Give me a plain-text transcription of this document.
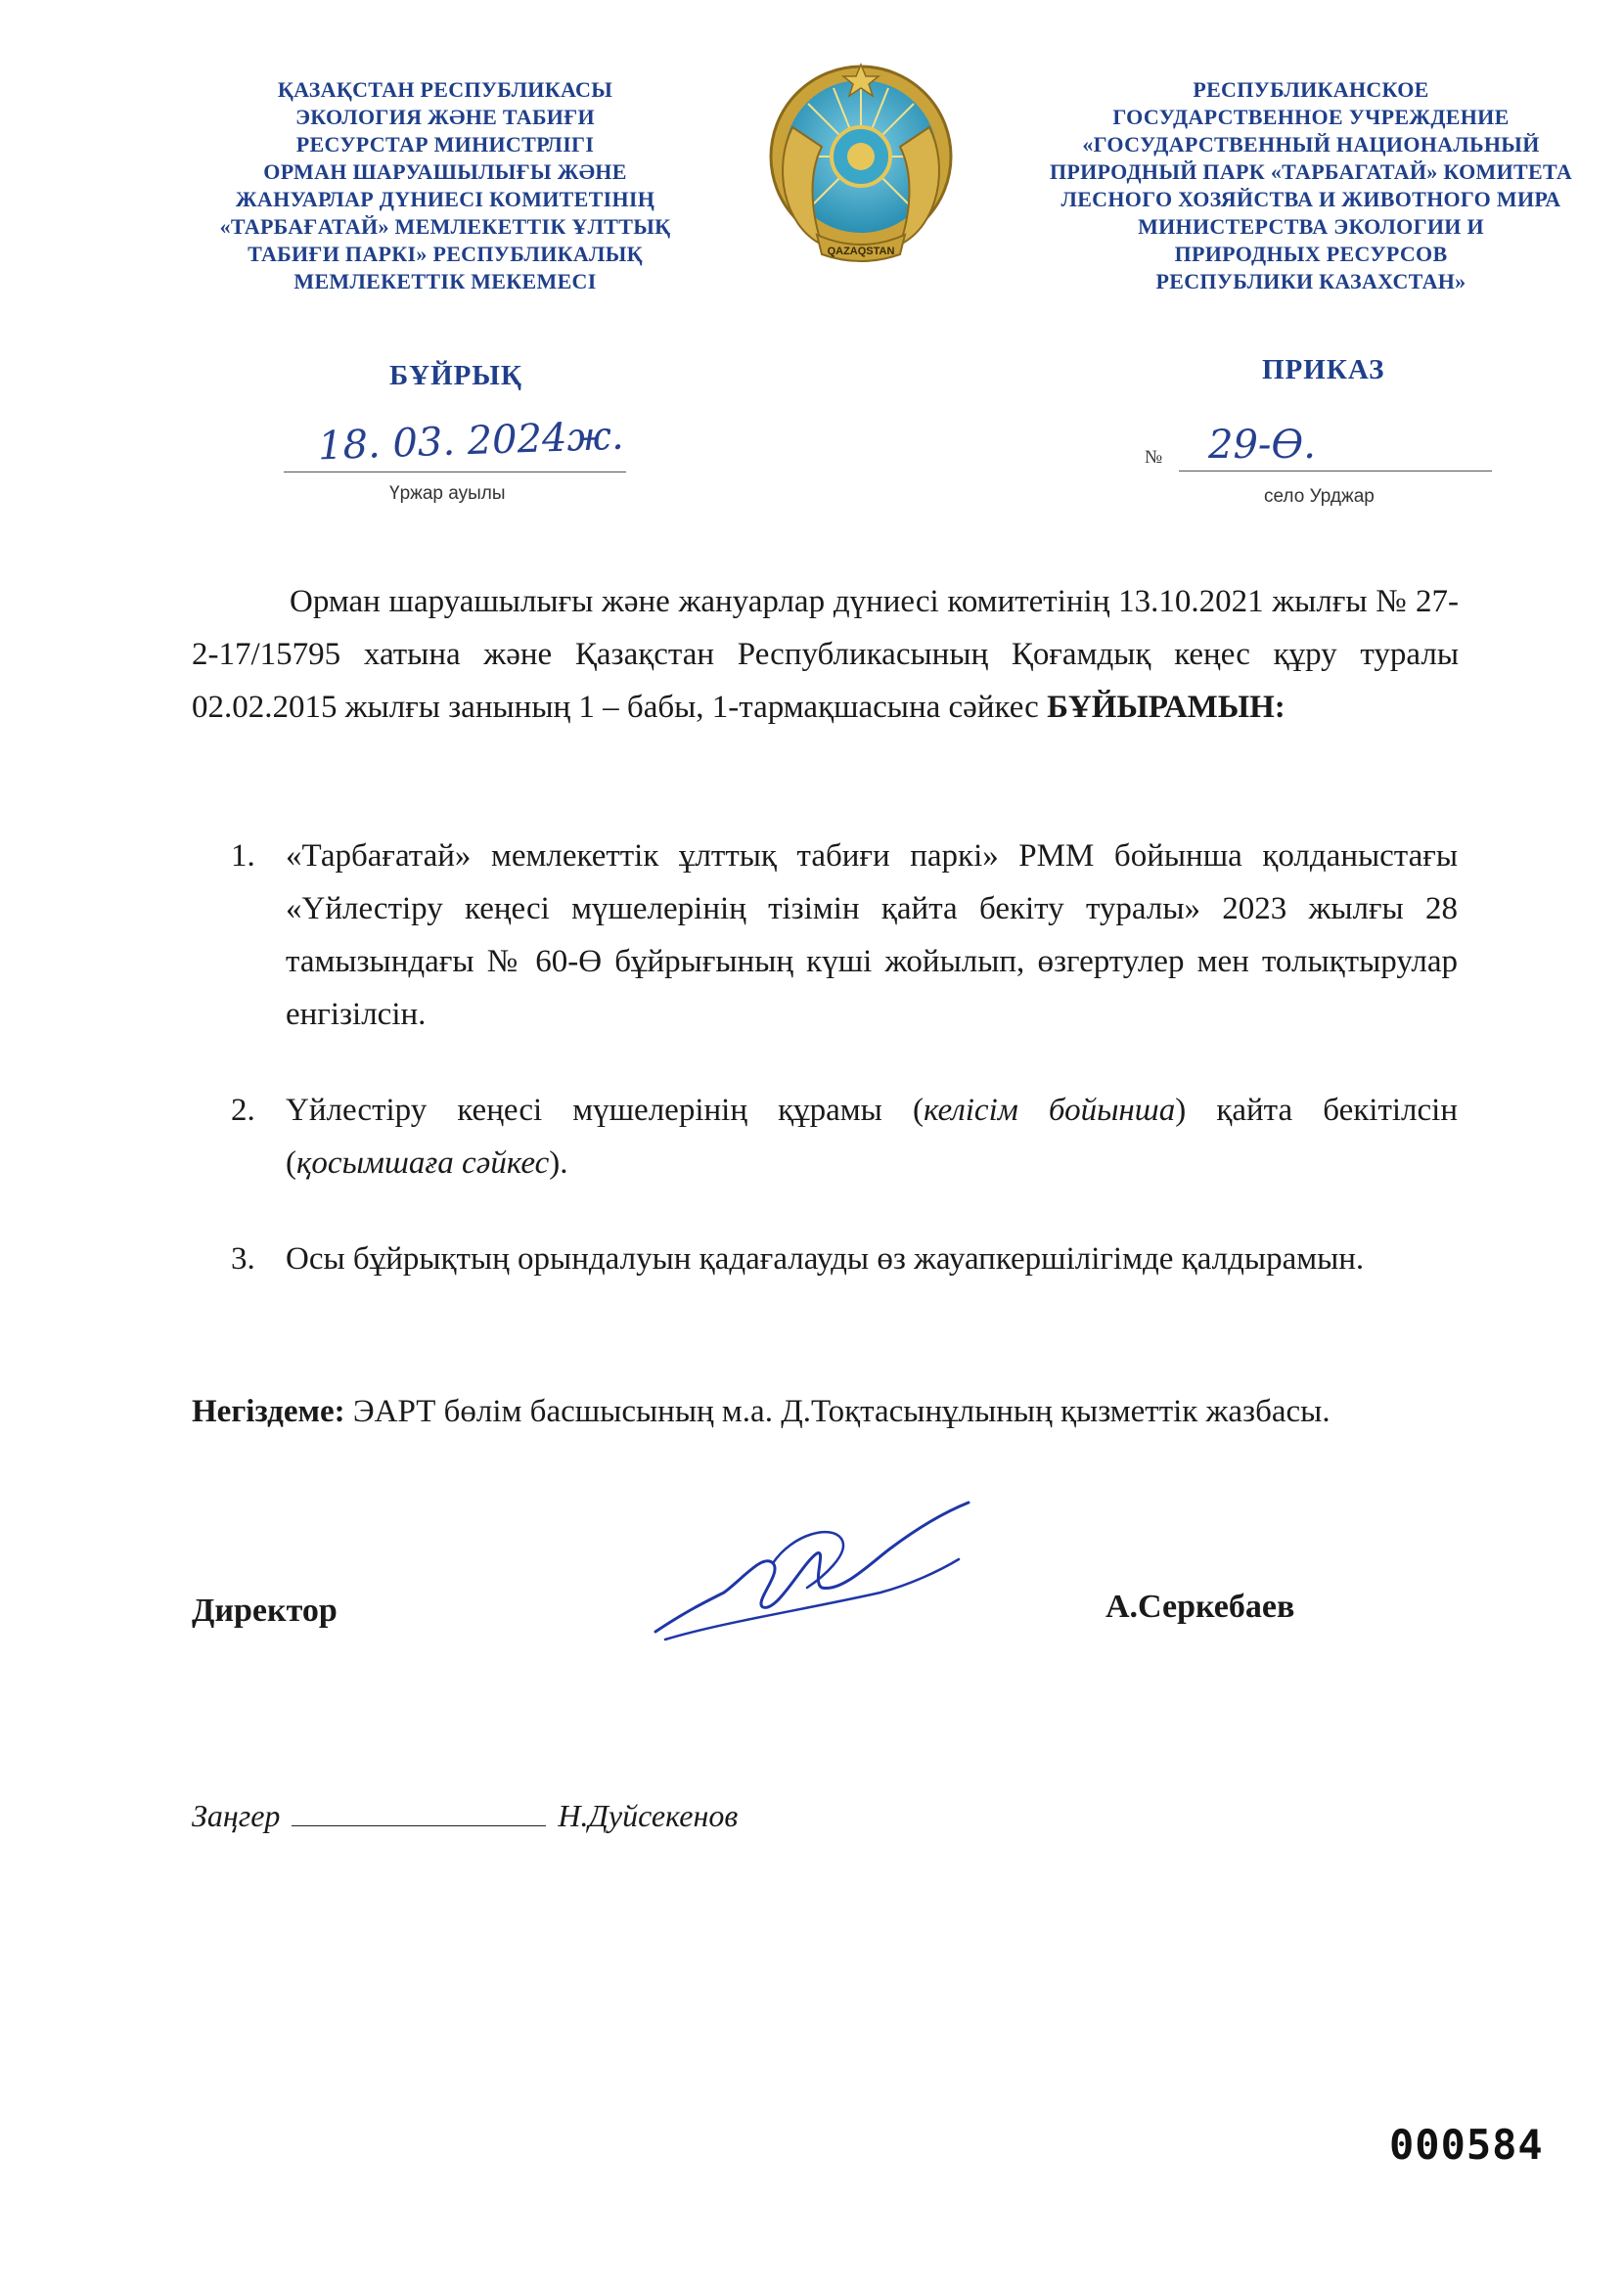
ҚАЗАҚСТАН РЕСПУБЛИКАСЫ
ЭКОЛОГИЯ ЖӘНЕ ТАБИҒИ
РЕСУРСТАР МИНИСТРЛІГІ
ОРМАН ШАРУАШЫЛЫҒЫ ЖӘНЕ
ЖАНУАРЛАР ДҮНИЕСІ КОМИТЕТІНІҢ
«ТАРБАҒАТАЙ» МЕМЛЕКЕТТІК ҰЛТТЫҚ
ТАБИҒИ ПАРКІ» РЕСПУБЛИКАЛЫҚ
МЕМЛЕКЕТТІК МЕКЕМЕСІ
QAZAQSTAN
РЕСПУБЛИКАНСКОЕ
ГОСУДАРСТВЕННОЕ УЧРЕЖДЕНИЕ
«ГОСУДАРСТВЕННЫЙ НАЦИОНАЛЬНЫЙ
ПРИРОДНЫЙ ПАРК «ТАРБАГАТАЙ» КОМИТЕТА
ЛЕСНОГО ХОЗЯЙСТВА И ЖИВОТНОГО МИРА
МИНИСТЕРСТВА ЭКОЛОГИИ И
ПРИРОДНЫХ РЕСУРСОВ
РЕСПУБЛИКИ КАЗАХСТАН»
БҰЙРЫҚ	ПРИКАЗ
18. 03. 2024ж.
Үржар ауылы
№ 29-Ө.
село Урджар
Орман шаруашылығы және жануарлар дүниесі комитетінің 13.10.2021 жылғы № 27-2-17/15795 хатына және Қазақстан Республикасының Қоғамдық кеңес құру туралы 02.02.2015 жылғы занының 1 – бабы, 1-тармақшасына сәйкес БҰЙЫРАМЫН:
1. «Тарбағатай» мемлекеттік ұлттық табиғи паркі» РММ бойынша қолданыстағы «Үйлестіру кеңесі мүшелерінің тізімін қайта бекіту туралы» 2023 жылғы 28 тамызындағы № 60-Ө бұйрығының күші жойылып, өзгертулер мен толықтырулар енгізілсін.
2. Үйлестіру кеңесі мүшелерінің құрамы (келісім бойынша) қайта бекітілсін (қосымшаға сәйкес).
3. Осы бұйрықтың орындалуын қадағалауды өз жауапкершілігімде қалдырамын.
Негіздеме: ЭАРТ бөлім басшысының м.а. Д.Тоқтасынұлының қызметтік жазбасы.
Директор	А.Серкебаев
Заңгер	Н.Дуйсекенов
000584
